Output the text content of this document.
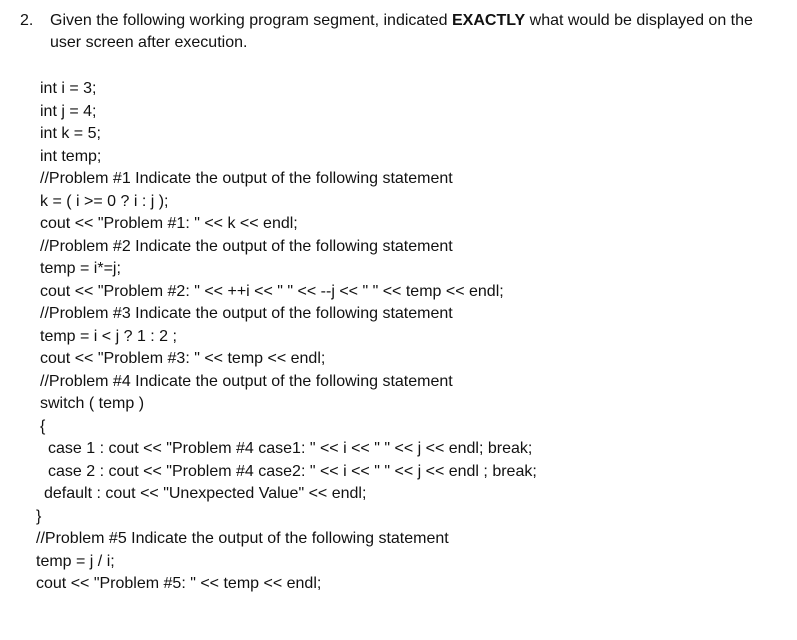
2. Given the following working program segment, indicated EXACTLY what would be displayed on the user screen after execution.
int i = 3;
int j = 4;
int k = 5;
int temp;
//Problem #1 Indicate the output of the following statement
k = ( i >= 0 ? i : j );
cout << "Problem #1: " << k << endl;
//Problem #2 Indicate the output of the following statement
temp = i*=j;
cout << "Problem #2: " << ++i << " " << --j << " " << temp << endl;
//Problem #3 Indicate the output of the following statement
temp = i < j ? 1 : 2 ;
cout << "Problem #3: " << temp << endl;
//Problem #4 Indicate the output of the following statement
switch ( temp )
{
case 1 : cout << "Problem #4 case1: " << i << " " << j << endl; break;
case 2 : cout << "Problem #4 case2: " << i << " " << j << endl ; break;
default : cout << "Unexpected Value" << endl;
}
//Problem #5 Indicate the output of the following statement
temp = j / i;
cout << "Problem #5: " << temp << endl;
